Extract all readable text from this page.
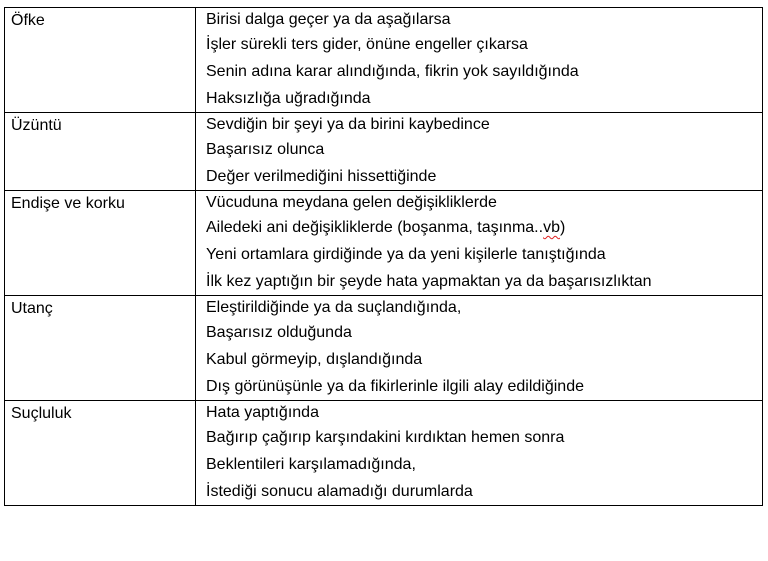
Öfke	Birisi dalga geçer ya da aşağılarsa
İşler sürekli ters gider, önüne engeller çıkarsa
Senin adına karar alındığında, fikrin yok sayıldığında
Haksızlığa uğradığında

Üzüntü	Sevdiğin bir şeyi ya da birini kaybedince
Başarısız olunca
Değer verilmediğini hissettiğinde

Endişe ve korku	Vücuduna meydana gelen değişikliklerde
Ailedeki ani değişikliklerde (boşanma, taşınma..vb)
Yeni ortamlara girdiğinde ya da yeni kişilerle tanıştığında
İlk kez yaptığın bir şeyde hata yapmaktan ya da başarısızlıktan

Utanç	Eleştirildiğinde ya da suçlandığında,
Başarısız olduğunda
Kabul görmeyip, dışlandığında
Dış görünüşünle ya da fikirlerinle ilgili alay edildiğinde

Suçluluk	Hata yaptığında
Bağırıp çağırıp karşındakini kırdıktan hemen sonra
Beklentileri karşılamadığında,
İstediği sonucu alamadığı durumlarda
